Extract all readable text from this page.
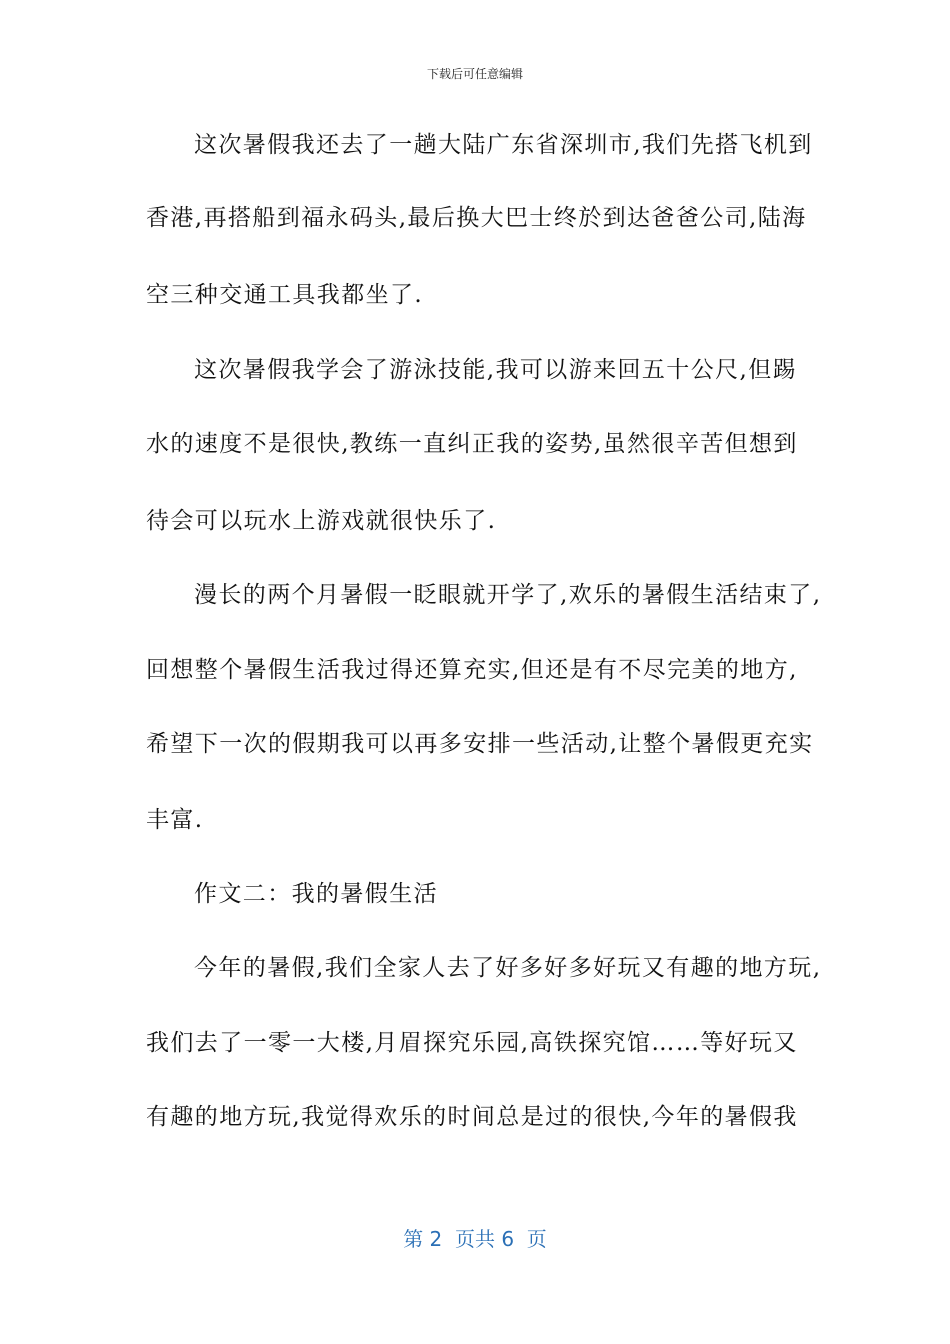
下载后可任意编辑
这次暑假我还去了一趟大陆广东省深圳市,我们先搭飞机到
香港,再搭船到福永码头,最后换大巴士终於到达爸爸公司,陆海
空三种交通工具我都坐了.
这次暑假我学会了游泳技能,我可以游来回五十公尺,但踢
水的速度不是很快,教练一直纠正我的姿势,虽然很辛苦但想到
待会可以玩水上游戏就很快乐了.
漫长的两个月暑假一眨眼就开学了,欢乐的暑假生活结束了,
回想整个暑假生活我过得还算充实,但还是有不尽完美的地方,
希望下一次的假期我可以再多安排一些活动,让整个暑假更充实
丰富.
作文二：我的暑假生活
今年的暑假,我们全家人去了好多好多好玩又有趣的地方玩,
我们去了一零一大楼,月眉探究乐园,高铁探究馆……等好玩又
有趣的地方玩,我觉得欢乐的时间总是过的很快,今年的暑假我
第 2  页共 6  页
